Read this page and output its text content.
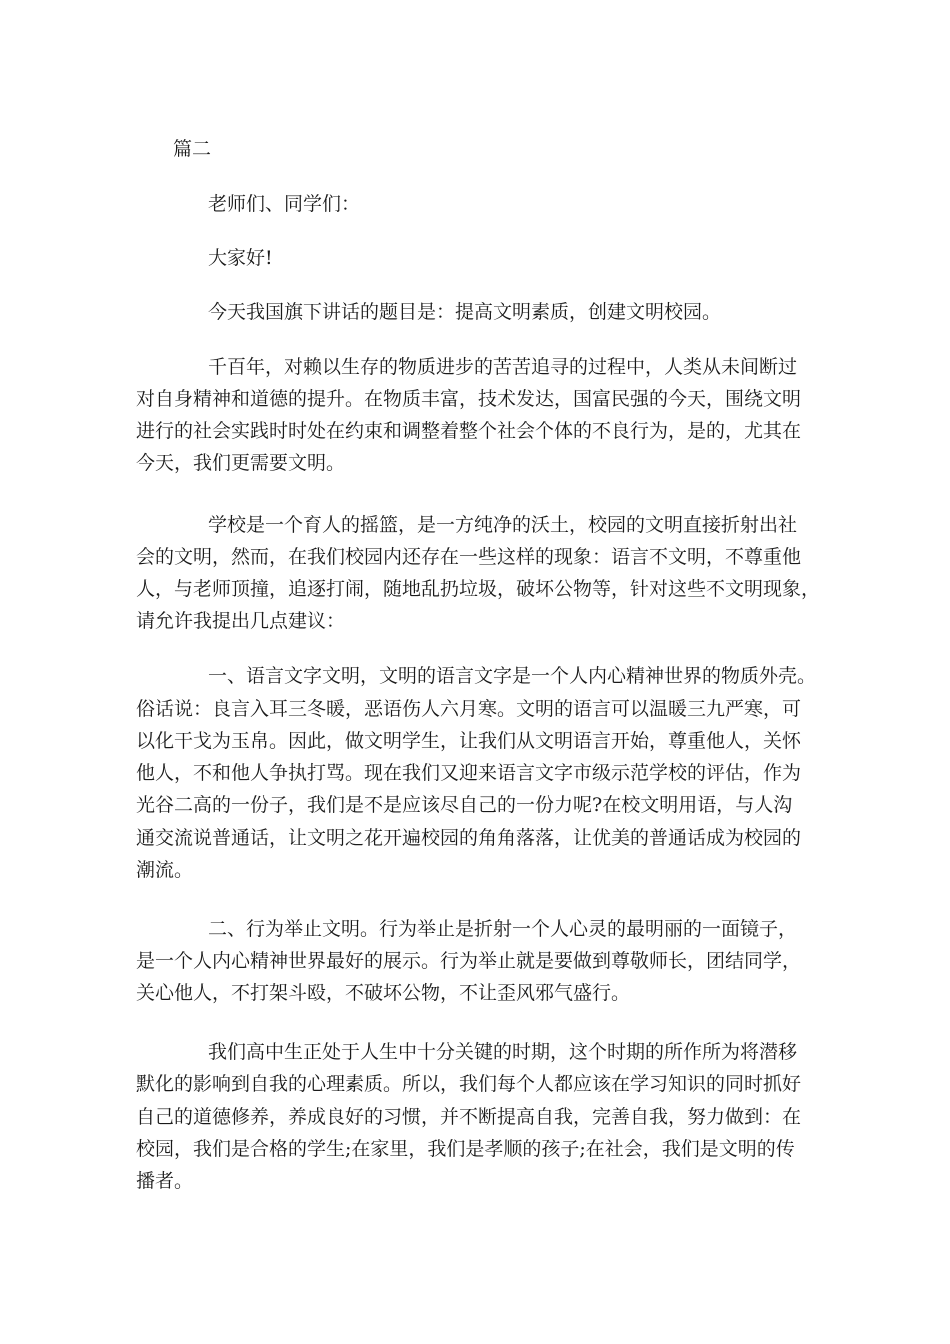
篇二

老师们、同学们：

大家好!

今天我国旗下讲话的题目是：提高文明素质，创建文明校园。

千百年，对赖以生存的物质进步的苦苦追寻的过程中，人类从未间断过

对自身精神和道德的提升。在物质丰富，技术发达，国富民强的今天，围绕文明

进行的社会实践时时处在约束和调整着整个社会个体的不良行为，是的，尤其在

今天，我们更需要文明。

学校是一个育人的摇篮，是一方纯净的沃土，校园的文明直接折射出社

会的文明，然而，在我们校园内还存在一些这样的现象：语言不文明，不尊重他

人，与老师顶撞，追逐打闹，随地乱扔垃圾，破坏公物等，针对这些不文明现象，

请允许我提出几点建议：

一、语言文字文明，文明的语言文字是一个人内心精神世界的物质外壳。

俗话说：良言入耳三冬暖，恶语伤人六月寒。文明的语言可以温暖三九严寒，可

以化干戈为玉帛。因此，做文明学生，让我们从文明语言开始，尊重他人，关怀

他人，不和他人争执打骂。现在我们又迎来语言文字市级示范学校的评估，作为

光谷二高的一份子，我们是不是应该尽自己的一份力呢?在校文明用语，与人沟

通交流说普通话，让文明之花开遍校园的角角落落，让优美的普通话成为校园的

潮流。

二、行为举止文明。行为举止是折射一个人心灵的最明丽的一面镜子，

是一个人内心精神世界最好的展示。行为举止就是要做到尊敬师长，团结同学，

关心他人，不打架斗殴，不破坏公物，不让歪风邪气盛行。

我们高中生正处于人生中十分关键的时期，这个时期的所作所为将潜移

默化的影响到自我的心理素质。所以，我们每个人都应该在学习知识的同时抓好

自己的道德修养，养成良好的习惯，并不断提高自我，完善自我，努力做到：在

校园，我们是合格的学生;在家里，我们是孝顺的孩子;在社会，我们是文明的传

播者。
